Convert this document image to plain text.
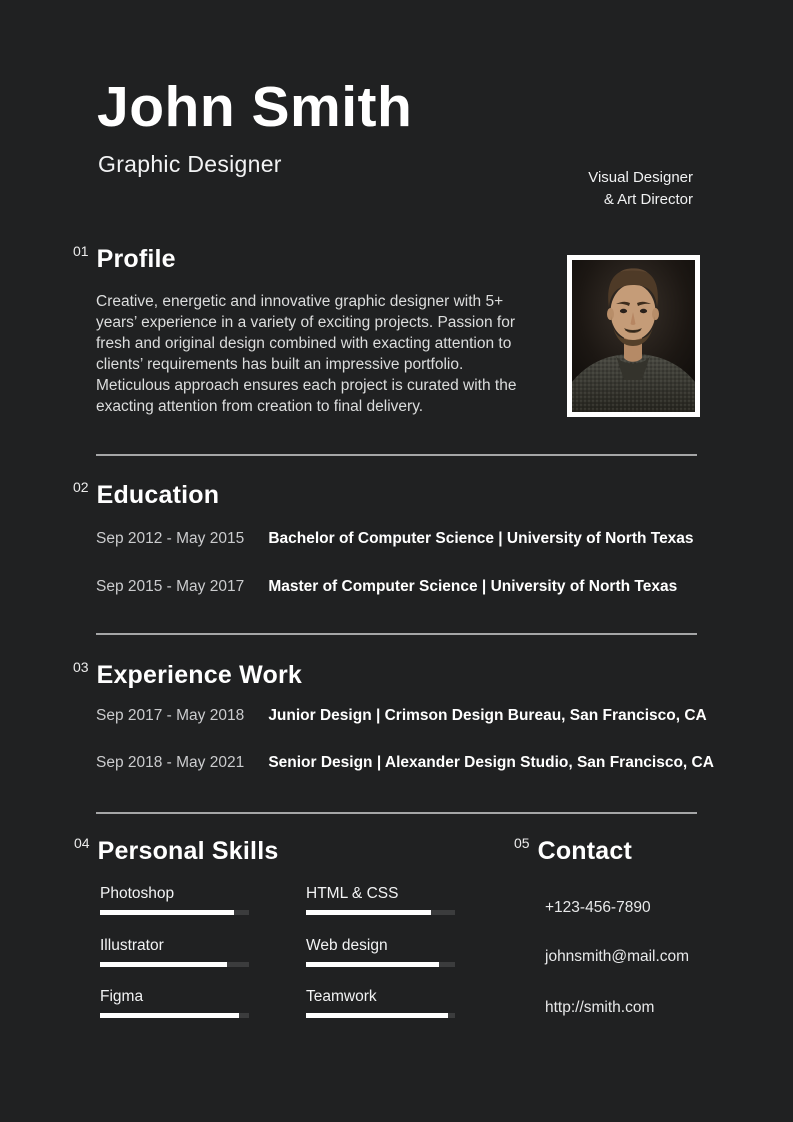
John Smith
Graphic Designer
Visual Designer
& Art Director
01 Profile
Creative, energetic and innovative graphic designer with 5+ years’ experience in a variety of exciting projects. Passion for fresh and original design combined with exacting attention to clients’ requirements has built an impressive portfolio. Meticulous approach ensures each project is curated with the exacting attention from creation to final delivery.
02 Education
Sep 2012 - May 2015 Bachelor of Computer Science | University of North Texas
Sep 2015 - May 2017 Master of Computer Science | University of North Texas
03 Experience Work
Sep 2017 - May 2018 Junior Design | Crimson Design Bureau, San Francisco, CA
Sep 2018 - May 2021 Senior Design | Alexander Design Studio, San Francisco, CA
04 Personal Skills
Photoshop
Illustrator
Figma
HTML & CSS
Web design
Teamwork
05 Contact
+123-456-7890
johnsmith@mail.com
http://smith.com
